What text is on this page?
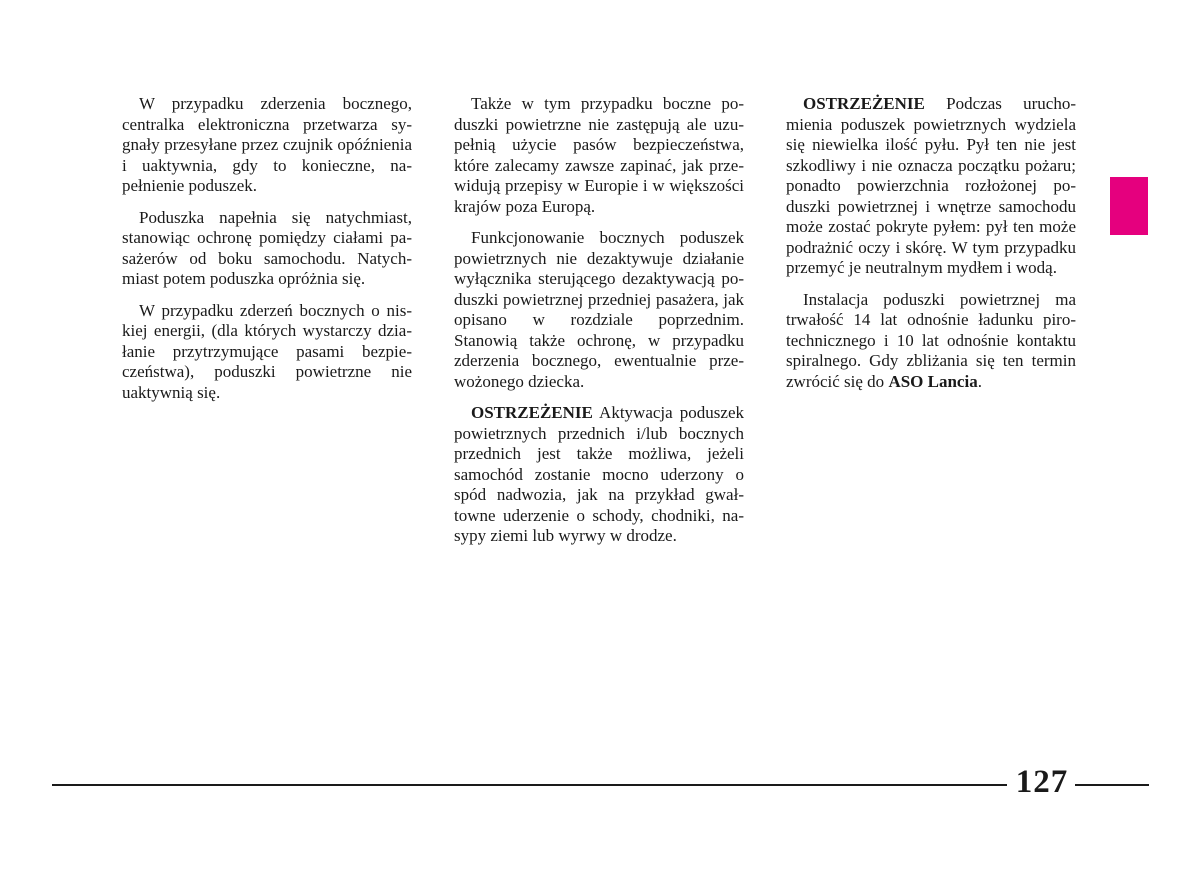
W przypadku zderzenia bocznego, centralka elektroniczna przetwarza sygnały przesyłane przez czujnik opóźnienia i uaktywnia, gdy to konieczne, napełnienie poduszek.

Poduszka napełnia się natychmiast, stanowiąc ochronę pomiędzy ciałami pasażerów od boku samochodu. Natychmiast potem poduszka opróżnia się.

W przypadku zderzeń bocznych o niskiej energii, (dla których wystarczy działanie przytrzymujące pasami bezpieczeństwa), poduszki powietrzne nie uaktywnią się.

Także w tym przypadku boczne poduszki powietrzne nie zastępują ale uzupełnią użycie pasów bezpieczeństwa, które zalecamy zawsze zapinać, jak przewidują przepisy w Europie i w większości krajów poza Europą.

Funkcjonowanie bocznych poduszek powietrznych nie dezaktywuje działanie wyłącznika sterującego dezaktywacją poduszki powietrznej przedniej pasażera, jak opisano w rozdziale poprzednim. Stanowią także ochronę, w przypadku zderzenia bocznego, ewentualnie przewożonego dziecka.

OSTRZEŻENIE Aktywacja poduszek powietrznych przednich i/lub bocznych przednich jest także możliwa, jeżeli samochód zostanie mocno uderzony o spód nadwozia, jak na przykład gwałtowne uderzenie o schody, chodniki, nasypy ziemi lub wyrwy w drodze.

OSTRZEŻENIE Podczas uruchomienia poduszek powietrznych wydziela się niewielka ilość pyłu. Pył ten nie jest szkodliwy i nie oznacza początku pożaru; ponadto powierzchnia rozłożonej poduszki powietrznej i wnętrze samochodu może zostać pokryte pyłem: pył ten może podrażnić oczy i skórę. W tym przypadku przemyć je neutralnym mydłem i wodą.

Instalacja poduszki powietrznej ma trwałość 14 lat odnośnie ładunku pirotechnicznego i 10 lat odnośnie kontaktu spiralnego. Gdy zbliżania się ten termin zwrócić się do ASO Lancia.

127
